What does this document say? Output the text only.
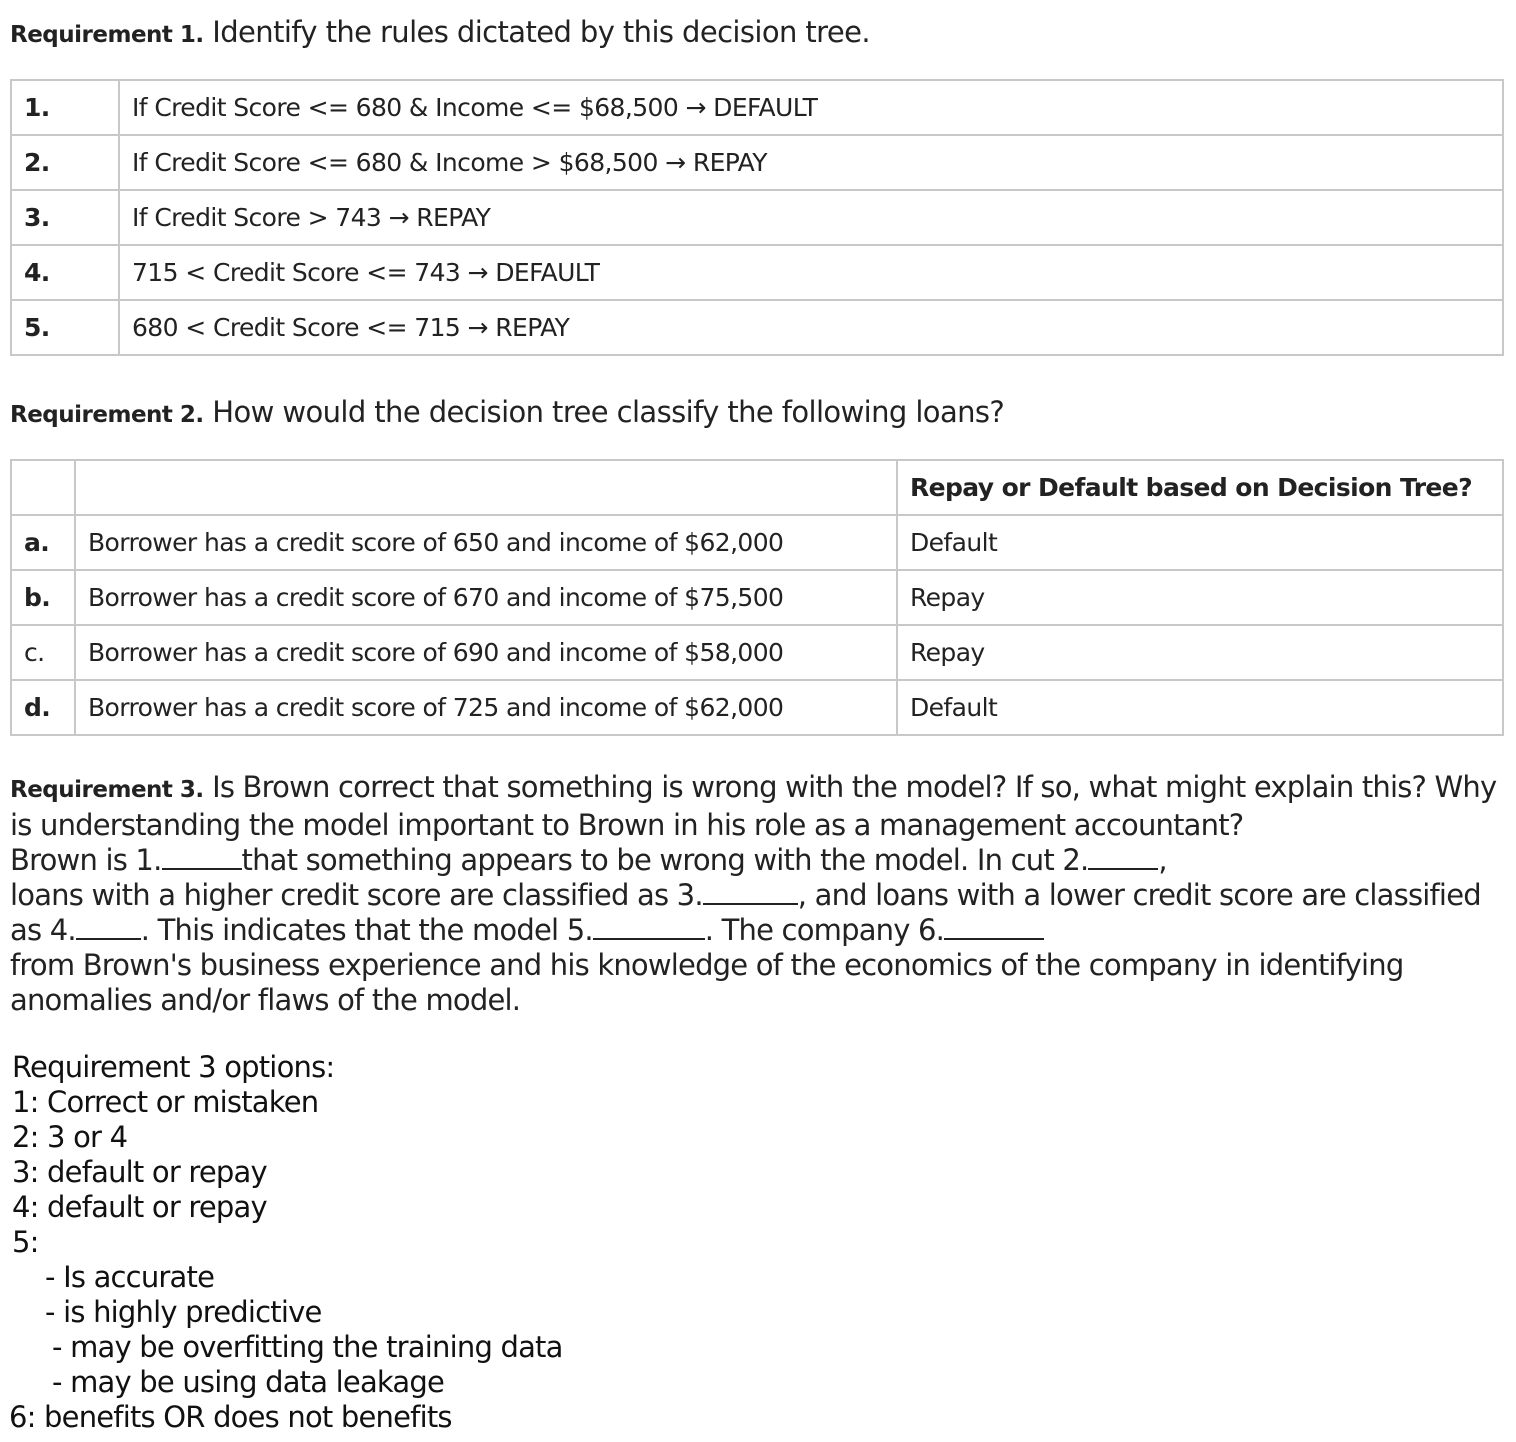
Requirement 1. Identify the rules dictated by this decision tree.
1.	If Credit Score <= 680 & Income <= $68,500 → DEFAULT
2.	If Credit Score <= 680 & Income > $68,500 → REPAY
3.	If Credit Score > 743 → REPAY
4.	715 < Credit Score <= 743 → DEFAULT
5.	680 < Credit Score <= 715 → REPAY
Requirement 2. How would the decision tree classify the following loans?
		Repay or Default based on Decision Tree?
a.	Borrower has a credit score of 650 and income of $62,000	Default
b.	Borrower has a credit score of 670 and income of $75,500	Repay
c.	Borrower has a credit score of 690 and income of $58,000	Repay
d.	Borrower has a credit score of 725 and income of $62,000	Default
Requirement 3. Is Brown correct that something is wrong with the model? If so, what might explain this? Why
is understanding the model important to Brown in his role as a management accountant?
Brown is 1.	that something appears to be wrong with the model. In cut 2. ,
loans with a higher credit score are classified as 3.	, and loans with a lower credit score are classified
as 4. . This indicates that the model 5.	. The company 6.
from Brown's business experience and his knowledge of the economics of the company in identifying
anomalies and/or flaws of the model.
Requirement 3 options:
1: Correct or mistaken
2: 3 or 4
3: default or repay
4: default or repay
5:
- Is accurate
- is highly predictive
- may be overfitting the training data
- may be using data leakage
6: benefits OR does not benefits
